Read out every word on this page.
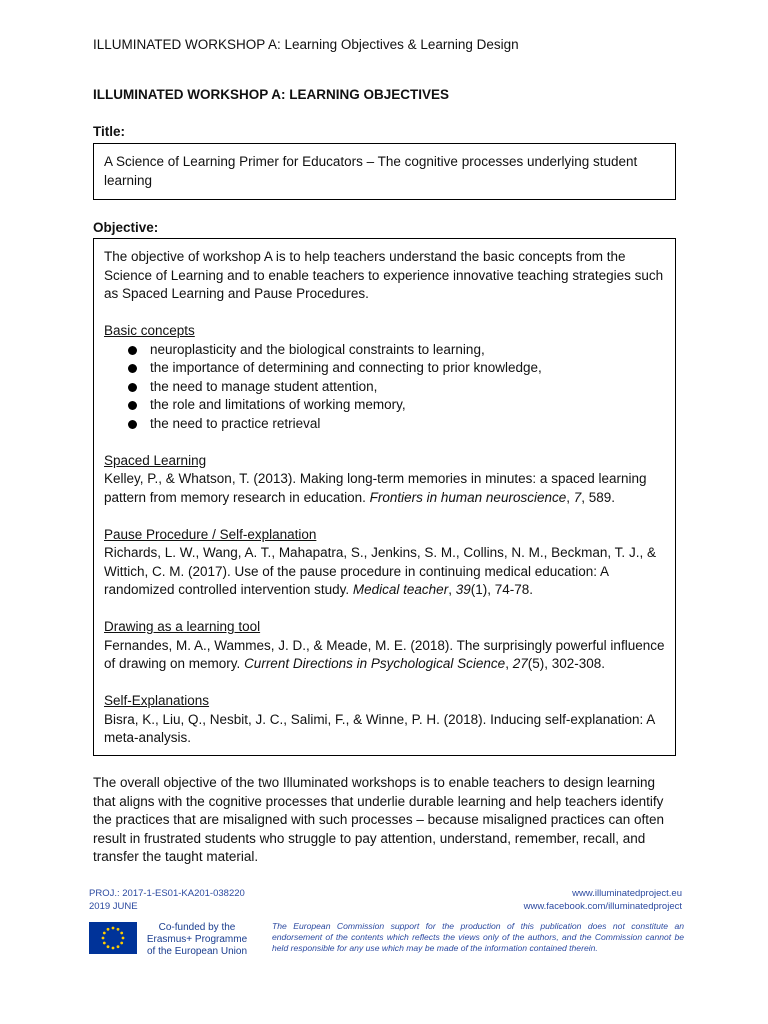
ILLUMINATED WORKSHOP A: Learning Objectives & Learning Design
ILLUMINATED WORKSHOP A: LEARNING OBJECTIVES
Title:

A Science of Learning Primer for Educators – The cognitive processes underlying student learning

Objective:

The objective of workshop A is to help teachers understand the basic concepts from the Science of Learning and to enable teachers to experience innovative teaching strategies such as Spaced Learning and Pause Procedures.

Basic concepts

neuroplasticity and the biological constraints to learning,
the importance of determining and connecting to prior knowledge,
the need to manage student attention,
the role and limitations of working memory,
the need to practice retrieval

Spaced Learning

Kelley, P., & Whatson, T. (2013). Making long-term memories in minutes: a spaced learning pattern from memory research in education. Frontiers in human neuroscience, 7, 589.

Pause Procedure / Self-explanation

Richards, L. W., Wang, A. T., Mahapatra, S., Jenkins, S. M., Collins, N. M., Beckman, T. J., & Wittich, C. M. (2017). Use of the pause procedure in continuing medical education: A randomized controlled intervention study. Medical teacher, 39(1), 74-78.

Drawing as a learning tool

Fernandes, M. A., Wammes, J. D., & Meade, M. E. (2018). The surprisingly powerful influence of drawing on memory. Current Directions in Psychological Science, 27(5), 302-308.

Self-Explanations

Bisra, K., Liu, Q., Nesbit, J. C., Salimi, F., & Winne, P. H. (2018). Inducing self-explanation: A meta-analysis.

The overall objective of the two Illuminated workshops is to enable teachers to design learning that aligns with the cognitive processes that underlie durable learning and help teachers identify the practices that are misaligned with such processes – because misaligned practices can often result in frustrated students who struggle to pay attention, understand, remember, recall, and transfer the taught material.

PROJ.: 2017-1-ES01-KA201-038220
2019 JUNE
www.illuminatedproject.eu
www.facebook.com/illuminatedproject
Co-funded by the
Erasmus+ Programme
of the European Union
The European Commission support for the production of this publication does not constitute an endorsement of the contents which reflects the views only of the authors, and the Commission cannot be held responsible for any use which may be made of the information contained therein.
